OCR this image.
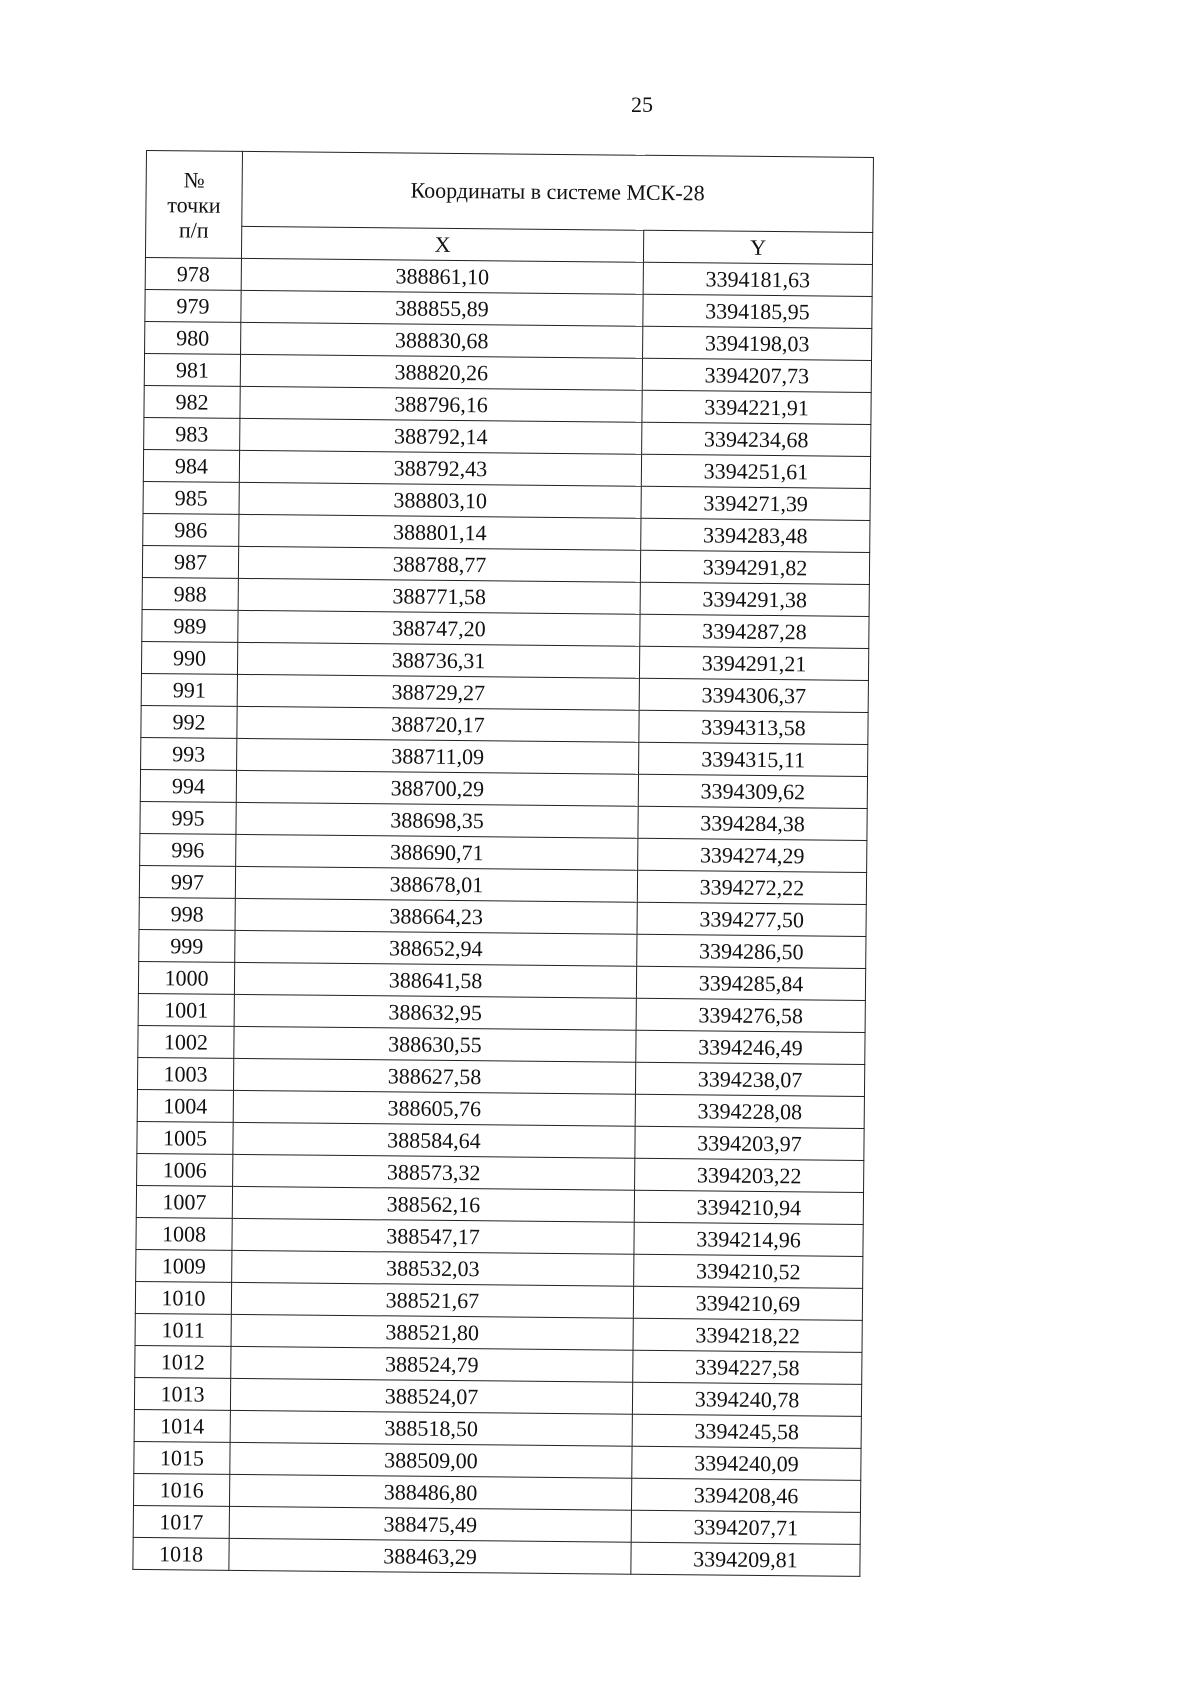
25
№
точки
п/п	Координаты в системе МСК-28	
	X	Y
978	388861,10	3394181,63
979	388855,89	3394185,95
980	388830,68	3394198,03
981	388820,26	3394207,73
982	388796,16	3394221,91
983	388792,14	3394234,68
984	388792,43	3394251,61
985	388803,10	3394271,39
986	388801,14	3394283,48
987	388788,77	3394291,82
988	388771,58	3394291,38
989	388747,20	3394287,28
990	388736,31	3394291,21
991	388729,27	3394306,37
992	388720,17	3394313,58
993	388711,09	3394315,11
994	388700,29	3394309,62
995	388698,35	3394284,38
996	388690,71	3394274,29
997	388678,01	3394272,22
998	388664,23	3394277,50
999	388652,94	3394286,50
1000	388641,58	3394285,84
1001	388632,95	3394276,58
1002	388630,55	3394246,49
1003	388627,58	3394238,07
1004	388605,76	3394228,08
1005	388584,64	3394203,97
1006	388573,32	3394203,22
1007	388562,16	3394210,94
1008	388547,17	3394214,96
1009	388532,03	3394210,52
1010	388521,67	3394210,69
1011	388521,80	3394218,22
1012	388524,79	3394227,58
1013	388524,07	3394240,78
1014	388518,50	3394245,58
1015	388509,00	3394240,09
1016	388486,80	3394208,46
1017	388475,49	3394207,71
1018	388463,29	3394209,81
